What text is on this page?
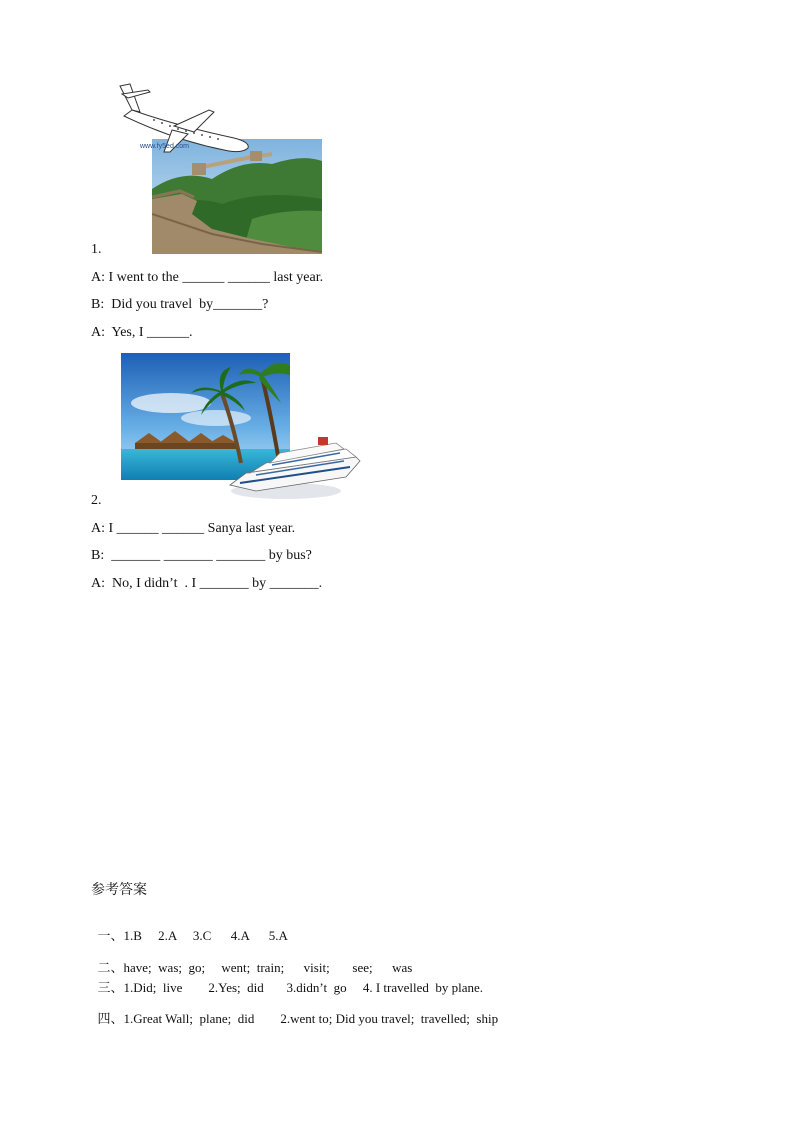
www.fy5ed.com
1.
A: I went to the ______ ______ last year.
B:  Did you travel  by_______?
A:  Yes, I ______.
2.
A: I ______ ______ Sanya last year.
B:  _______ _______ _______ by bus?
A:  No, I didn’t  . I _______ by _______.
参考答案

一、1.B     2.A     3.C      4.A      5.A

二、have;  was;  go;     went;  train;      visit;       see;      was

三、1.Did;  live        2.Yes;  did       3.didn’t  go     4. I travelled  by plane.

四、1.Great Wall;  plane;  did        2.went to; Did you travel;  travelled;  ship
